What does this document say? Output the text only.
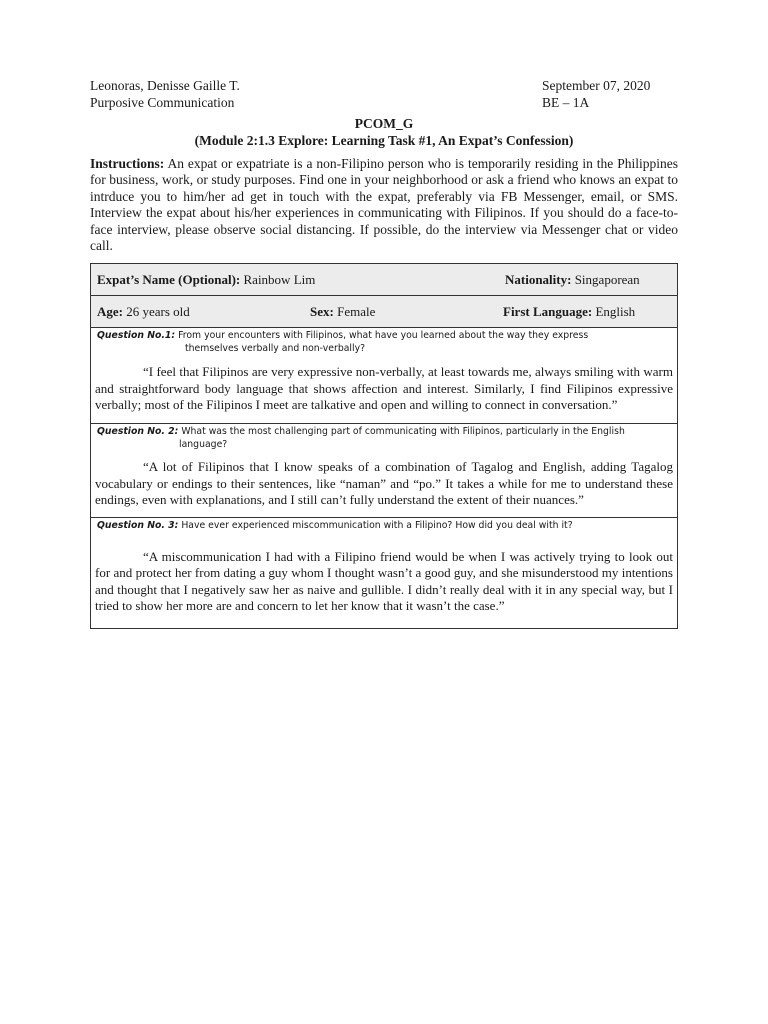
Leonoras, Denisse Gaille T.	September 07, 2020
Purposive Communication	BE – 1A
PCOM_G
(Module 2:1.3 Explore: Learning Task #1, An Expat’s Confession)
Instructions: An expat or expatriate is a non-Filipino person who is temporarily residing in the Philippines for business, work, or study purposes. Find one in your neighborhood or ask a friend who knows an expat to intrduce you to him/her ad get in touch with the expat, preferably via FB Messenger, email, or SMS. Interview the expat about his/her experiences in communicating with Filipinos. If you should do a face-to-face interview, please observe social distancing. If possible, do the interview via Messenger chat or video call.
Expat’s Name (Optional): Rainbow Lim	Nationality: Singaporean

Age: 26 years old	Sex: Female	First Language: English

Question No.1: From your encounters with Filipinos, what have you learned about the way they express
themselves verbally and non-verbally?
“I feel that Filipinos are very expressive non-verbally, at least towards me, always smiling with warm and straightforward body language that shows affection and interest. Similarly, I find Filipinos expressive verbally; most of the Filipinos I meet are talkative and open and willing to connect in conversation.”

Question No. 2: What was the most challenging part of communicating with Filipinos, particularly in the English
language?
“A lot of Filipinos that I know speaks of a combination of Tagalog and English, adding Tagalog vocabulary or endings to their sentences, like “naman” and “po.” It takes a while for me to understand these endings, even with explanations, and I still can’t fully understand the extent of their nuances.”

Question No. 3: Have ever experienced miscommunication with a Filipino? How did you deal with it?
“A miscommunication I had with a Filipino friend would be when I was actively trying to look out for and protect her from dating a guy whom I thought wasn’t a good guy, and she misunderstood my intentions and thought that I negatively saw her as naive and gullible. I didn’t really deal with it in any special way, but I tried to show her more are and concern to let her know that it wasn’t the case.”
